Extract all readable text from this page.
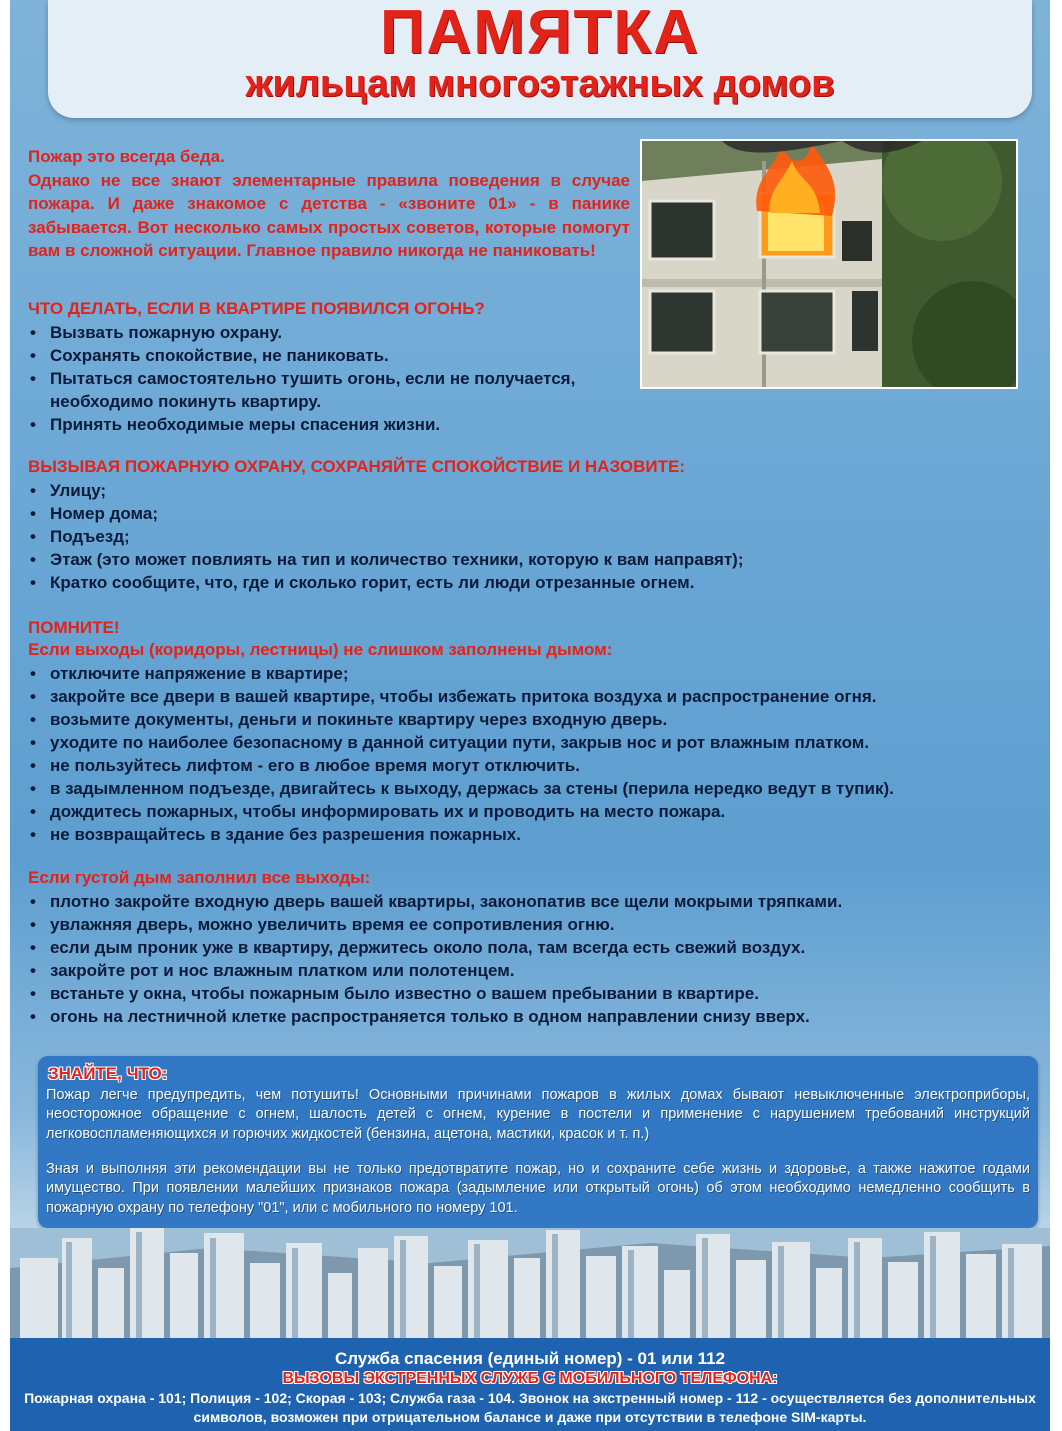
ПАМЯТКА
жильцам многоэтажных домов
Пожар это всегда беда.
Однако не все знают элементарные правила поведения в случае пожара. И даже знакомое с детства - «звоните 01» - в панике забывается. Вот несколько самых простых советов, которые помогут вам в сложной ситуации. Главное правило никогда не паниковать!
ЧТО ДЕЛАТЬ, ЕСЛИ В КВАРТИРЕ ПОЯВИЛСЯ ОГОНЬ?
• Вызвать пожарную охрану.
• Сохранять спокойствие, не паниковать.
• Пытаться самостоятельно тушить огонь, если не получается, необходимо покинуть квартиру.
• Принять необходимые меры спасения жизни.
ВЫЗЫВАЯ ПОЖАРНУЮ ОХРАНУ, СОХРАНЯЙТЕ СПОКОЙСТВИЕ И НАЗОВИТЕ:
• Улицу;
• Номер дома;
• Подъезд;
• Этаж (это может повлиять на тип и количество техники, которую к вам направят);
• Кратко сообщите, что, где и сколько горит, есть ли люди отрезанные огнем.
ПОМНИТЕ!
Если выходы (коридоры, лестницы) не слишком заполнены дымом:
• отключите напряжение в квартире;
• закройте все двери в вашей квартире, чтобы избежать притока воздуха и распространение огня.
• возьмите документы, деньги и покиньте квартиру через входную дверь.
• уходите по наиболее безопасному в данной ситуации пути, закрыв нос и рот влажным платком.
• не пользуйтесь лифтом - его в любое время могут отключить.
• в задымленном подъезде, двигайтесь к выходу, держась за стены (перила нередко ведут в тупик).
• дождитесь пожарных, чтобы информировать их и проводить на место пожара.
• не возвращайтесь в здание без разрешения пожарных.
Если густой дым заполнил все выходы:
• плотно закройте входную дверь вашей квартиры, законопатив все щели мокрыми тряпками.
• увлажняя дверь, можно увеличить время ее сопротивления огню.
• если дым проник уже в квартиру, держитесь около пола, там всегда есть свежий воздух.
• закройте рот и нос влажным платком или полотенцем.
• встаньте у окна, чтобы пожарным было известно о вашем пребывании в квартире.
• огонь на лестничной клетке распространяется только в одном направлении снизу вверх.
ЗНАЙТЕ, ЧТО:
Пожар легче предупредить, чем потушить! Основными причинами пожаров в жилых домах бывают невыключенные электроприборы, неосторожное обращение с огнем, шалость детей с огнем, курение в постели и применение с нарушением требований инструкций легковоспламеняющихся и горючих жидкостей (бензина, ацетона, мастики, красок и т. п.)
Зная и выполняя эти рекомендации вы не только предотвратите пожар, но и сохраните себе жизнь и здоровье, а также нажитое годами имущество. При появлении малейших признаков пожара (задымление или открытый огонь) об этом необходимо немедленно сообщить в пожарную охрану по телефону "01", или с мобильного по номеру 101.
Служба спасения (единый номер) - 01 или 112
ВЫЗОВЫ ЭКСТРЕННЫХ СЛУЖБ С МОБИЛЬНОГО ТЕЛЕФОНА:
Пожарная охрана - 101; Полиция - 102; Скорая - 103; Служба газа - 104. Звонок на экстренный номер - 112 - осуществляется без дополнительных символов, возможен при отрицательном балансе и даже при отсутствии в телефоне SIM-карты.
